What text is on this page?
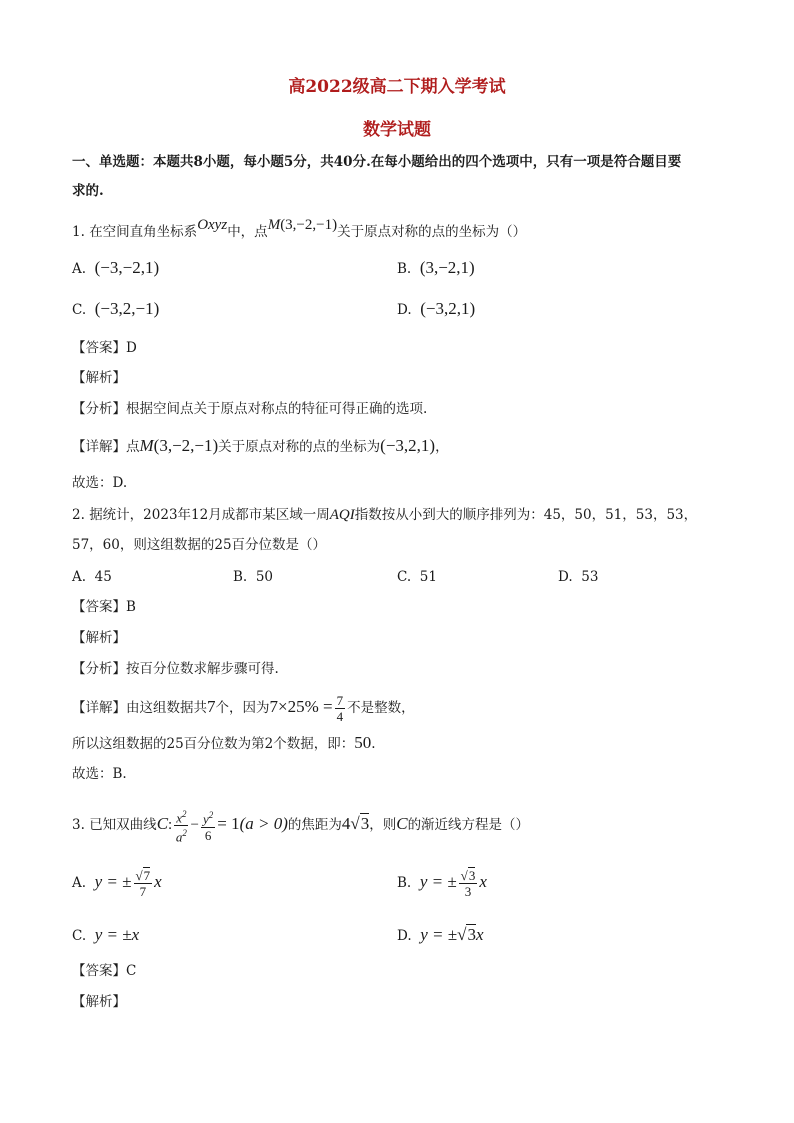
高2022级高二下期入学考试
数学试题
一、单选题：本题共8小题，每小题5分，共40分.在每小题给出的四个选项中，只有一项是符合题目要
求的.
1. 在空间直角坐标系Oxyz中，点M(3,−2,−1)关于原点对称的点的坐标为（）
A. (−3,−2,1)	B. (3,−2,1)
C. (−3,2,−1)	D. (−3,2,1)
【答案】D
【解析】
【分析】根据空间点关于原点对称点的特征可得正确的选项.
【详解】点M(3,−2,−1)关于原点对称的点的坐标为(−3,2,1)，
故选：D.
2. 据统计，2023年12月成都市某区域一周AQI指数按从小到大的顺序排列为：45，50，51，53，53，
57，60，则这组数据的25百分位数是（）
A. 45	B. 50	C. 51	D. 53
【答案】B
【解析】
【分析】按百分位数求解步骤可得.
【详解】由这组数据共7个，因为$7\times 25\% = \frac{7}{4}$ 不是整数，
所以这组数据的25百分位数为第2个数据，即：50.
故选：B.
3. 已知双曲线C: $\frac{x^2}{a^2} - \frac{y^2}{6} = 1(a > 0)$的焦距为4√3，则C的渐近线方程是（）
A. y = ± $\frac{√7}{7}$ x	B. y = ± $\frac{√3}{3}$ x
C. y = ±x	D. y = ±√3x
【答案】C
【解析】
